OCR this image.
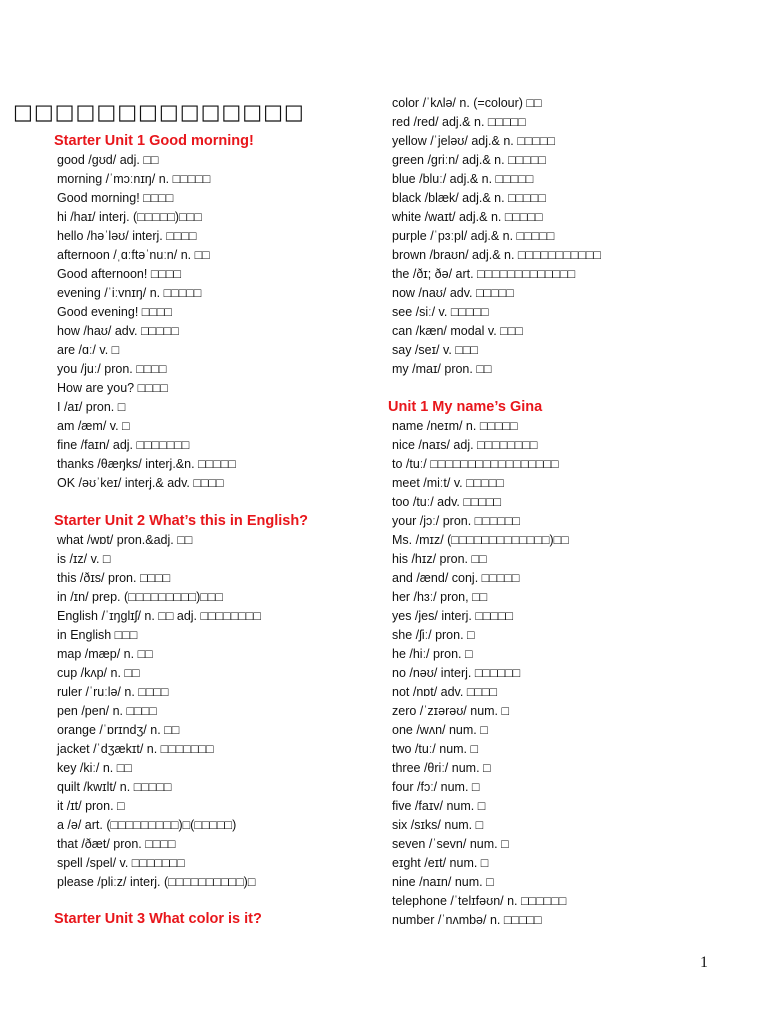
□□□□□□□□□□□□□□
Starter Unit 1 Good morning!
good /gʊd/ adj. □□
morning /ˈmɔːnɪŋ/ n. □□□□□
Good morning! □□□□
hi /haɪ/ interj. (□□□□□)□□□
hello /həˈləʊ/ interj. □□□□
afternoon /ˌɑːftəˈnuːn/ n. □□
Good afternoon! □□□□
evening /ˈiːvnɪŋ/ n. □□□□□
Good evening! □□□□
how /haʊ/ adv. □□□□□
are /ɑː/ v. □
you /juː/ pron. □□□□
How are you? □□□□
I /aɪ/ pron. □
am /æm/ v. □
fine /faɪn/ adj. □□□□□□□
thanks /θæŋks/ interj.&n. □□□□□
OK /əʊˈkeɪ/ interj.& adv. □□□□
Starter Unit 2 What’s this in English?
what /wɒt/ pron.&adj. □□
is /ɪz/ v. □
this /ðɪs/ pron. □□□□
in /ɪn/ prep. (□□□□□□□□□)□□□
English /ˈɪŋglɪʃ/ n. □□ adj. □□□□□□□□
in English □□□
map /mæp/ n. □□
cup /kʌp/ n. □□
ruler /ˈruːlə/ n. □□□□
pen /pen/ n. □□□□
orange /ˈɒrɪndʒ/ n. □□
jacket /ˈdʒækɪt/ n. □□□□□□□
key /kiː/ n. □□
quilt /kwɪlt/ n. □□□□□
it /ɪt/ pron. □
a /ə/ art. (□□□□□□□□□)□(□□□□□)
that /ðæt/ pron. □□□□
spell /spel/ v. □□□□□□□
please /pliːz/ interj. (□□□□□□□□□□)□
Starter Unit 3 What color is it?
color /ˈkʌlə/ n. (=colour) □□
red /red/ adj.& n. □□□□□
yellow /ˈjeləʊ/ adj.& n. □□□□□
green /griːn/ adj.& n. □□□□□
blue /bluː/ adj.& n. □□□□□
black /blæk/ adj.& n. □□□□□
white /waɪt/ adj.& n. □□□□□
purple /ˈpɜːpl/ adj.& n. □□□□□
brown /braʊn/ adj.& n. □□□□□□□□□□□
the /ðɪ; ðə/ art. □□□□□□□□□□□□□
now /naʊ/ adv. □□□□□
see /siː/ v. □□□□□
can /kæn/ modal v. □□□
say /seɪ/ v. □□□
my /maɪ/ pron. □□
Unit 1 My name’s Gina
name /neɪm/ n. □□□□□
nice /naɪs/ adj. □□□□□□□□
to /tuː/ □□□□□□□□□□□□□□□□□
meet /miːt/ v. □□□□□
too /tuː/ adv. □□□□□
your /jɔː/ pron. □□□□□□
Ms. /mɪz/ (□□□□□□□□□□□□□)□□
his /hɪz/ pron. □□
and /ænd/ conj. □□□□□
her /hɜː/ pron, □□
yes /jes/ interj. □□□□□
she /ʃiː/ pron. □
he /hiː/ pron. □
no /nəʊ/ interj. □□□□□□
not /nɒt/ adv. □□□□
zero /ˈzɪərəʊ/ num. □
one /wʌn/ num. □
two /tuː/ num. □
three /θriː/ num. □
four /fɔː/ num. □
five /faɪv/ num. □
six /sɪks/ num. □
seven /ˈsevn/ num. □
eɪght /eɪt/ num. □
nine /naɪn/ num. □
telephone /ˈtelɪfəʊn/ n. □□□□□□
number /ˈnʌmbə/ n. □□□□□
1
